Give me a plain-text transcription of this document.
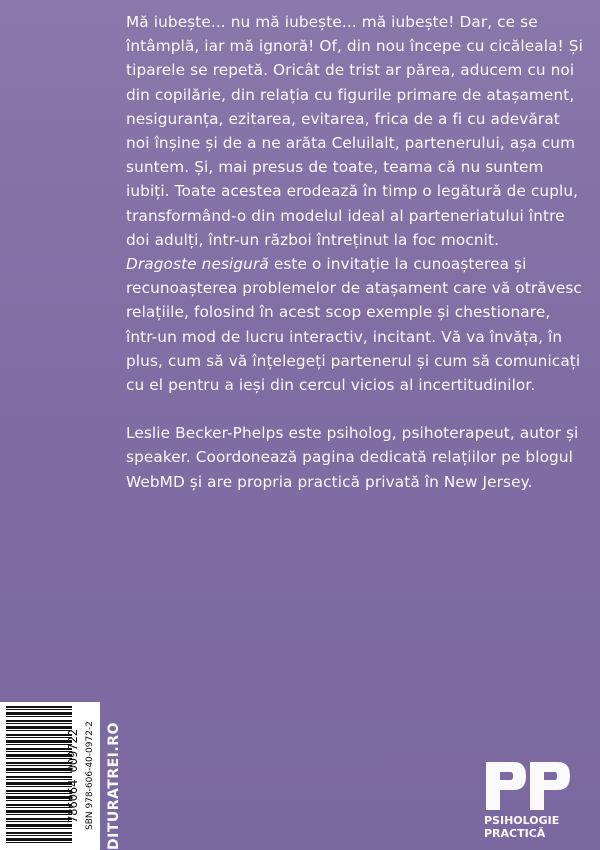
Mă iubește... nu mă iubește... mă iubește! Dar, ce se întâmplă, iar mă ignoră! Of, din nou începe cu cicăleala! Și tiparele se repetă. Oricât de trist ar părea, aducem cu noi din copilărie, din relația cu figurile primare de atașament, nesiguranța, ezitarea, evitarea, frica de a fi cu adevărat noi înșine și de a ne arăta Celuilalt, partenerului, așa cum suntem. Și, mai presus de toate, teama că nu suntem iubiți. Toate acestea erodează în timp o legătură de cuplu, transformând-o din modelul ideal al parteneriatului între doi adulți, într-un război întreținut la foc mocnit.

Dragoste nesigură este o invitație la cunoașterea și recunoașterea problemelor de atașament care vă otrăvesc relațiile, folosind în acest scop exemple și chestionare, într-un mod de lucru interactiv, incitant. Vă va învăța, în plus, cum să vă înțelegeți partenerul și cum să comunicați cu el pentru a ieși din cercul vicios al incertitudinilor.

Leslie Becker-Phelps este psiholog, psihoterapeut, autor și speaker. Coordonează pagina dedicată relațiilor pe blogul WebMD și are propria practică privată în New Jersey.

786064 009722 SBN 978-606-40-0972-2 DITURATREI.RO	PSIHOLOGIE
PRACTICĂ
